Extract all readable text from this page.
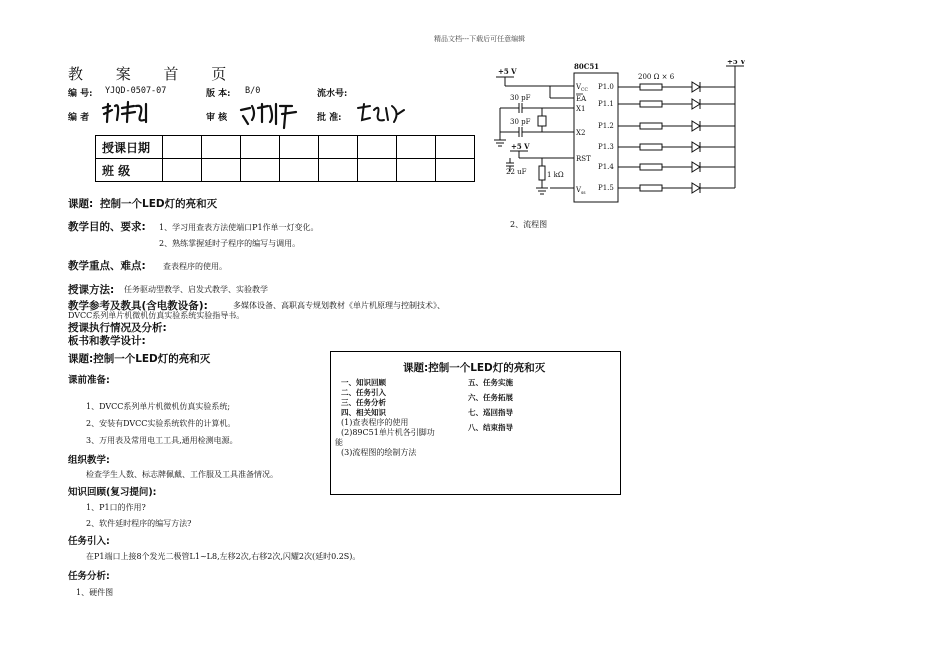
精品文档---下载后可任意编辑
教 案 首 页
编 号: YJQD-0507-07	版 本: B/0	流水号:
编 者	审 核	批 准:
授课日期								
班 级								
课题: 控制一个LED灯的亮和灭
教学目的、要求: 1、学习用查表方法使端口P1作单一灯变化。
2、熟练掌握延时子程序的编写与调用。
教学重点、难点: 查表程序的使用。
授课方法: 任务驱动型教学、启发式教学、实验教学
教学参考及教具(含电教设备):	多媒体设备、高职高专规划教材《单片机原理与控制技术》、
DVCC系列单片机微机仿真实验系统实验指导书。
授课执行情况及分析:
板书和教学设计:
课题:控制一个LED灯的亮和灭
课前准备:
1、DVCC系列单片机微机仿真实验系统;
2、安装有DVCC实验系统软件的计算机。
3、万用表及常用电工工具,通用检测电源。
组织教学:
检查学生人数、标志牌佩戴、工作服及工具准备情况。
知识回顾(复习提问):
1、P1口的作用?
2、软件延时程序的编写方法?
任务引入:
在P1端口上接8个发光二极管L1~L8,左移2次,右移2次,闪耀2次(延时0.2S)。
任务分析:
1、硬件图
课题:控制一个LED灯的亮和灭
一、知识回顾
二、任务引入
三、任务分析
四、相关知识
(1)查表程序的使用
(2)89C51单片机各引脚功
能
(3)流程图的绘制方法
五、任务实施
六、任务拓展
七、巡回指导
八、结束指导
80C51
+5 V
+5 V
+5 V
30 pF
30 pF
22 uF	1 kΩ
200 Ω × 6
V CC
EA
X1
X2
RST
V ss
P1.0
P1.1
P1.2
P1.3
P1.4
P1.5
2、流程图
